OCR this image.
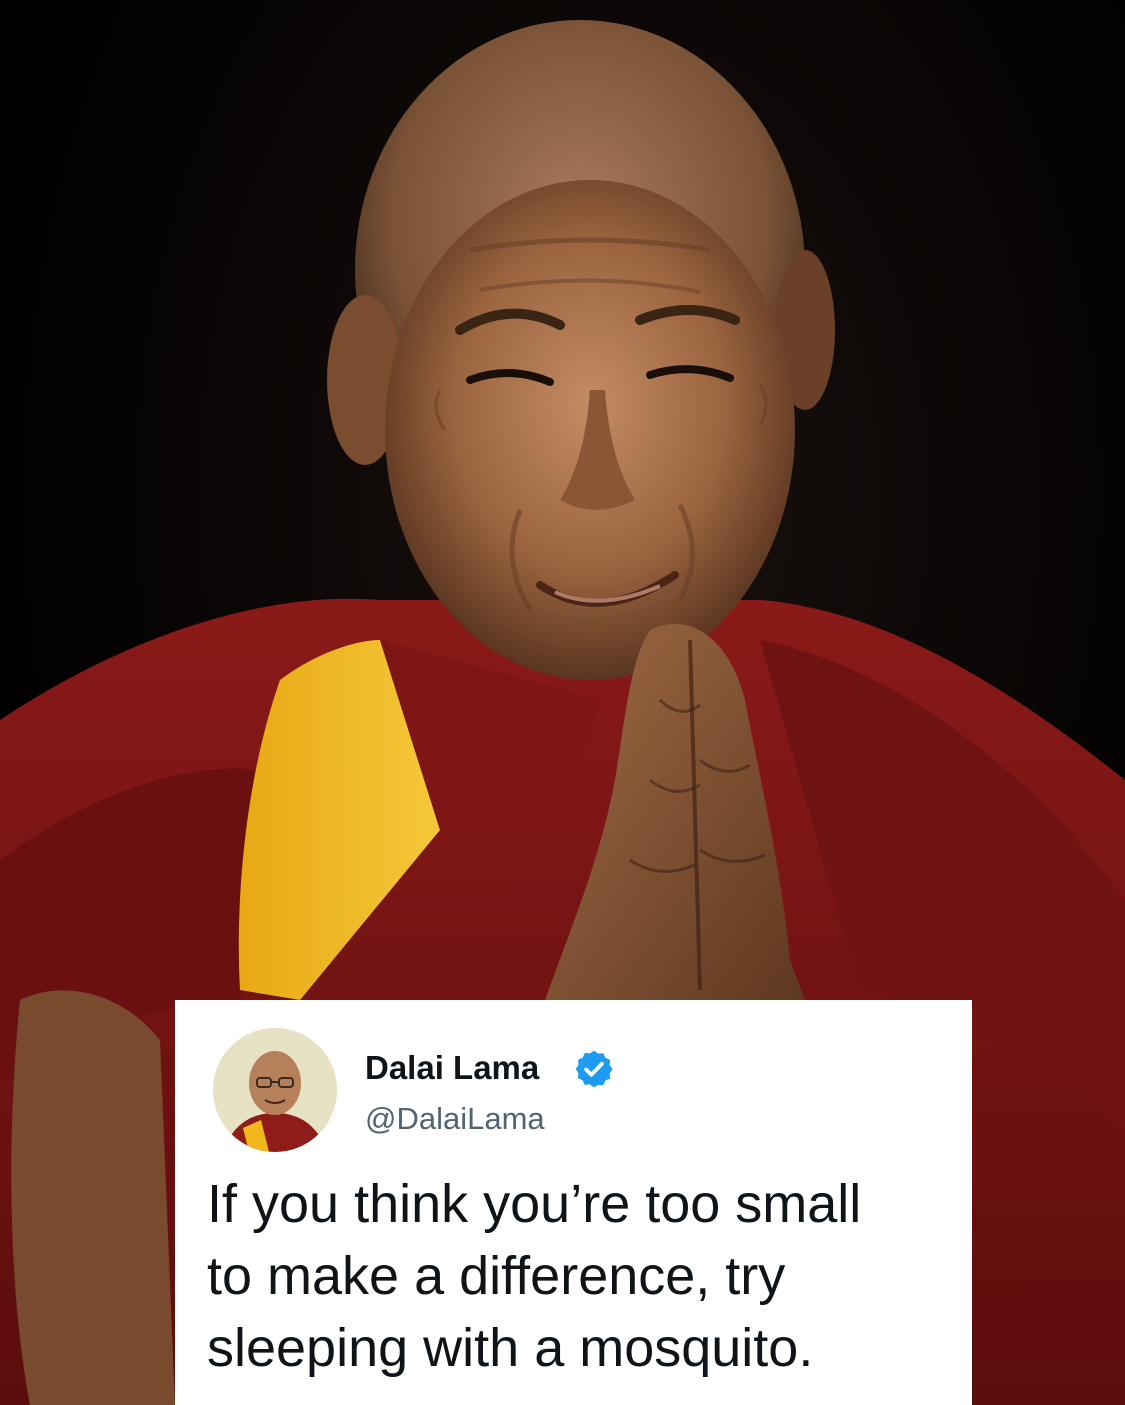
Dalai Lama
@DalaiLama
If you think you’re too small
to make a difference, try
sleeping with a mosquito.
